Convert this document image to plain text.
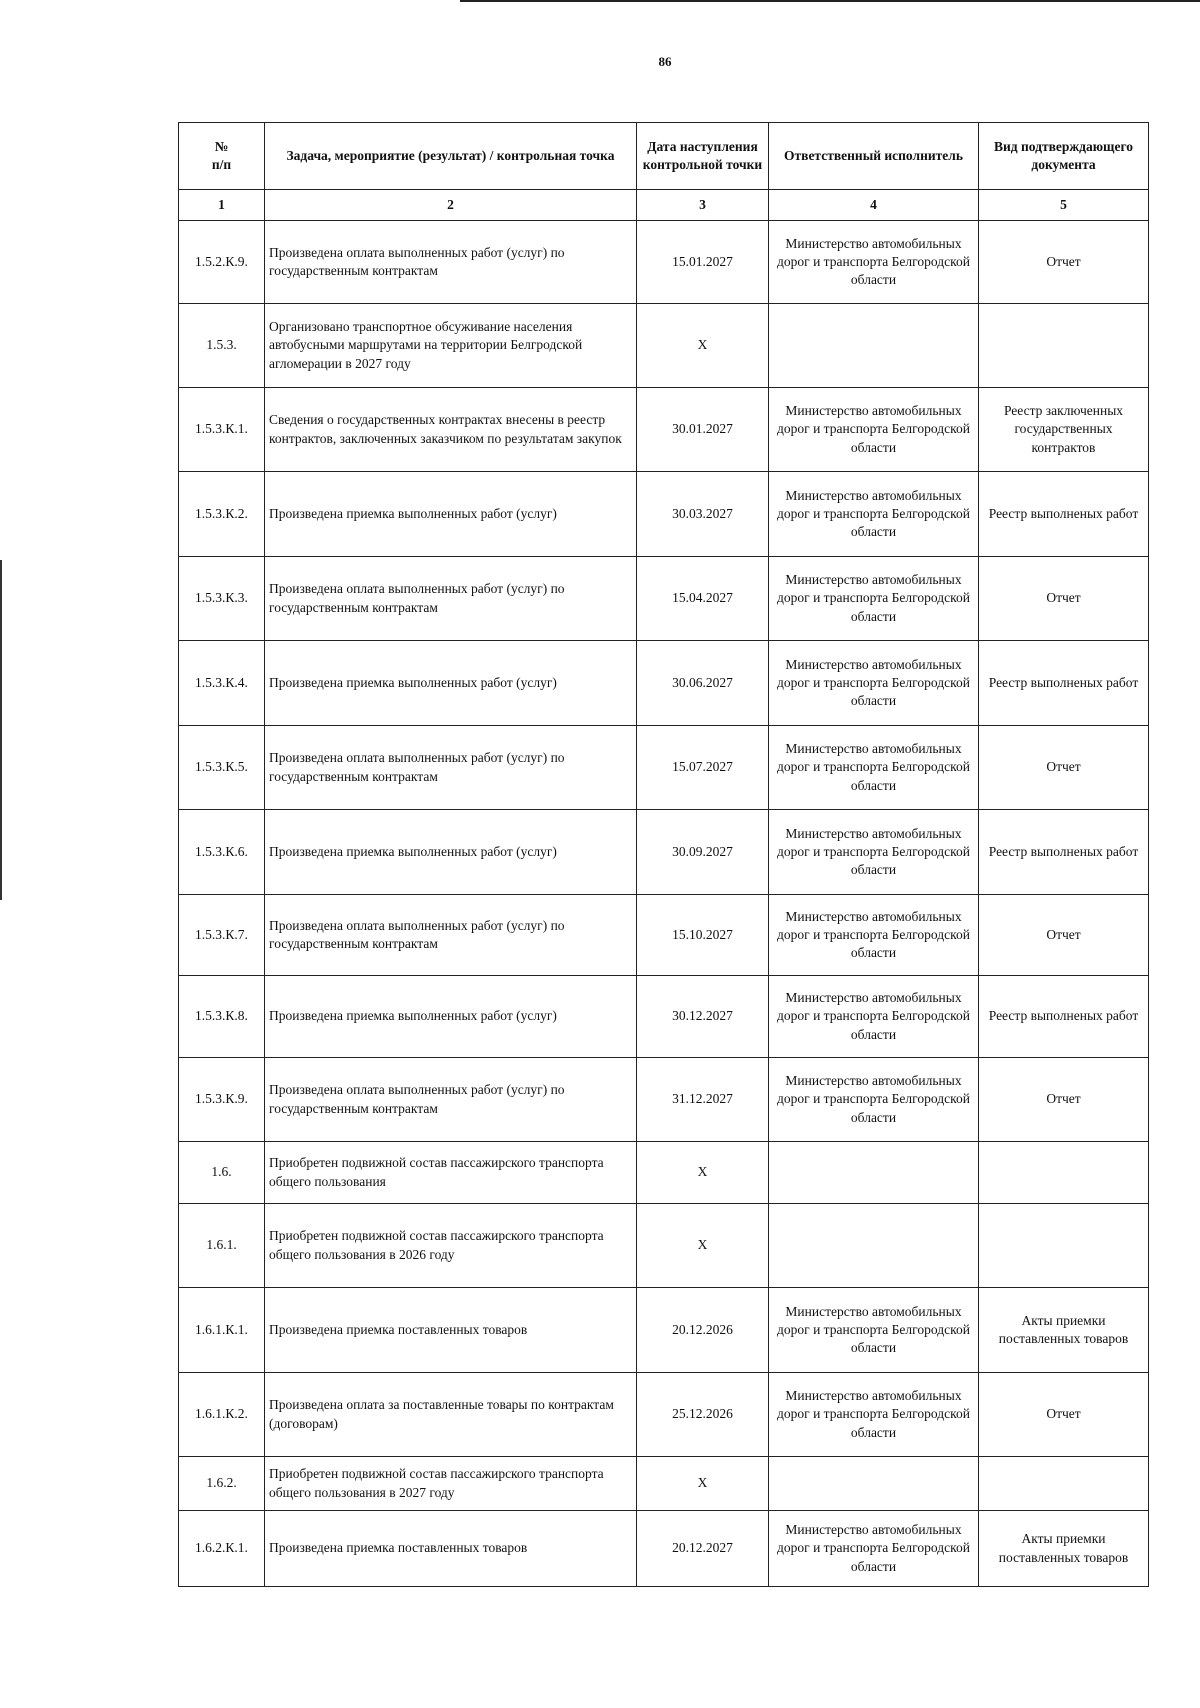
86
№
п/п	Задача, мероприятие (результат) / контрольная точка	Дата наступления контрольной точки	Ответственный исполнитель	Вид подтверждающего документа
1	2	3	4	5
1.5.2.К.9.	Произведена оплата выполненных работ (услуг) по государственным контрактам	15.01.2027	Министерство автомобильных дорог и транспорта Белгородской области	Отчет
1.5.3.	Организовано транспортное обсуживание населения автобусными маршрутами на территории Белгродской агломерации в 2027 году	X		
1.5.3.К.1.	Сведения о государственных контрактах внесены в реестр контрактов, заключенных заказчиком по результатам закупок	30.01.2027	Министерство автомобильных дорог и транспорта Белгородской области	Реестр заключенных государственных контрактов
1.5.3.К.2.	Произведена приемка выполненных работ (услуг)	30.03.2027	Министерство автомобильных дорог и транспорта Белгородской области	Реестр выполненых работ
1.5.3.К.3.	Произведена оплата выполненных работ (услуг) по государственным контрактам	15.04.2027	Министерство автомобильных дорог и транспорта Белгородской области	Отчет
1.5.3.К.4.	Произведена приемка выполненных работ (услуг)	30.06.2027	Министерство автомобильных дорог и транспорта Белгородской области	Реестр выполненых работ
1.5.3.К.5.	Произведена оплата выполненных работ (услуг) по государственным контрактам	15.07.2027	Министерство автомобильных дорог и транспорта Белгородской области	Отчет
1.5.3.К.6.	Произведена приемка выполненных работ (услуг)	30.09.2027	Министерство автомобильных дорог и транспорта Белгородской области	Реестр выполненых работ
1.5.3.К.7.	Произведена оплата выполненных работ (услуг) по государственным контрактам	15.10.2027	Министерство автомобильных дорог и транспорта Белгородской области	Отчет
1.5.3.К.8.	Произведена приемка выполненных работ (услуг)	30.12.2027	Министерство автомобильных дорог и транспорта Белгородской области	Реестр выполненых работ
1.5.3.К.9.	Произведена оплата выполненных работ (услуг) по государственным контрактам	31.12.2027	Министерство автомобильных дорог и транспорта Белгородской области	Отчет
1.6.	Приобретен подвижной состав пассажирского транспорта общего пользования	X		
1.6.1.	Приобретен подвижной состав пассажирского транспорта общего пользования в 2026 году	X		
1.6.1.К.1.	Произведена приемка поставленных товаров	20.12.2026	Министерство автомобильных дорог и транспорта Белгородской области	Акты приемки поставленных товаров
1.6.1.К.2.	Произведена оплата за поставленные товары по контрактам (договорам)	25.12.2026	Министерство автомобильных дорог и транспорта Белгородской области	Отчет
1.6.2.	Приобретен подвижной состав пассажирского транспорта общего пользования в 2027 году	X		
1.6.2.К.1.	Произведена приемка поставленных товаров	20.12.2027	Министерство автомобильных дорог и транспорта Белгородской области	Акты приемки поставленных товаров
